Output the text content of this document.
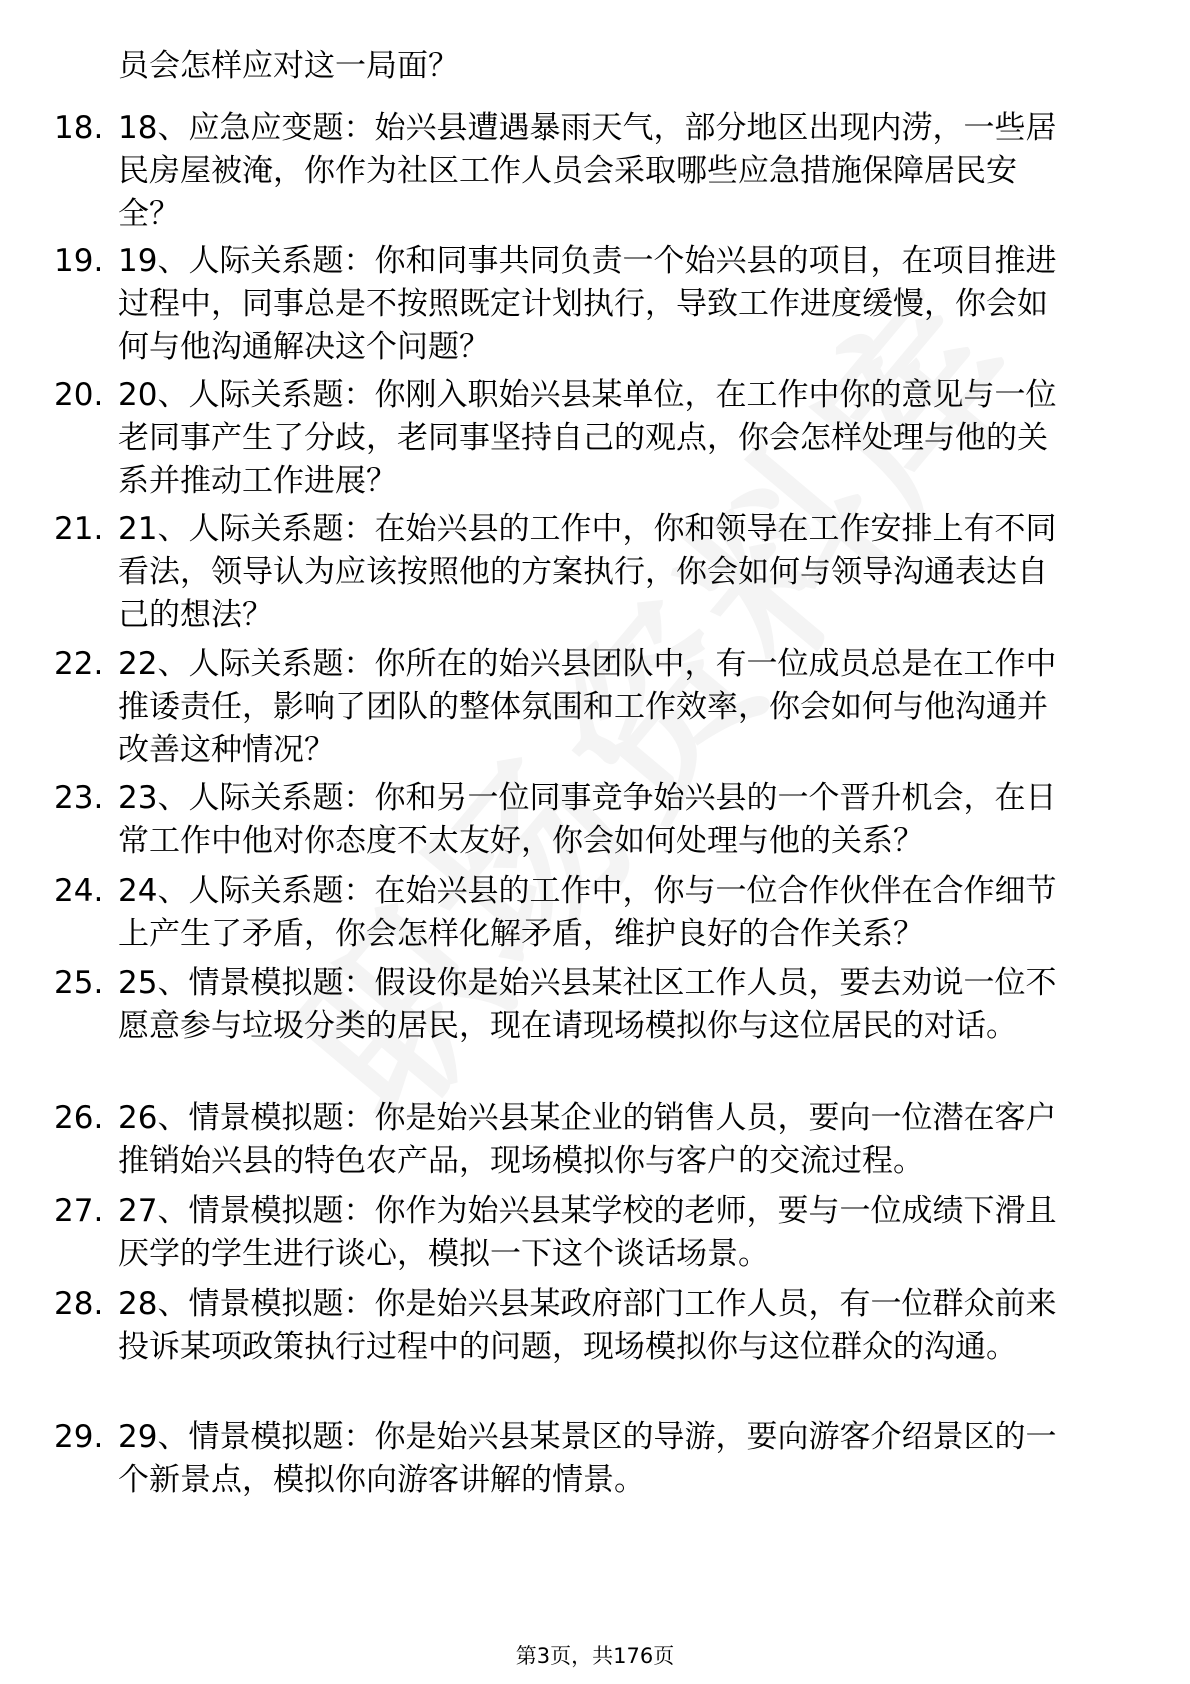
员会怎样应对这一局面？

18. 18、应急应变题：始兴县遭遇暴雨天气，部分地区出现内涝，一些居民房屋被淹，你作为社区工作人员会采取哪些应急措施保障居民安全？

19. 19、人际关系题：你和同事共同负责一个始兴县的项目，在项目推进过程中，同事总是不按照既定计划执行，导致工作进度缓慢，你会如何与他沟通解决这个问题？

20. 20、人际关系题：你刚入职始兴县某单位，在工作中你的意见与一位老同事产生了分歧，老同事坚持自己的观点，你会怎样处理与他的关系并推动工作进展？

21. 21、人际关系题：在始兴县的工作中，你和领导在工作安排上有不同看法，领导认为应该按照他的方案执行，你会如何与领导沟通表达自己的想法？

22. 22、人际关系题：你所在的始兴县团队中，有一位成员总是在工作中推诿责任，影响了团队的整体氛围和工作效率，你会如何与他沟通并改善这种情况？

23. 23、人际关系题：你和另一位同事竞争始兴县的一个晋升机会，在日常工作中他对你态度不太友好，你会如何处理与他的关系？

24. 24、人际关系题：在始兴县的工作中，你与一位合作伙伴在合作细节上产生了矛盾，你会怎样化解矛盾，维护良好的合作关系？

25. 25、情景模拟题：假设你是始兴县某社区工作人员，要去劝说一位不愿意参与垃圾分类的居民，现在请现场模拟你与这位居民的对话。

26. 26、情景模拟题：你是始兴县某企业的销售人员，要向一位潜在客户推销始兴县的特色农产品，现场模拟你与客户的交流过程。

27. 27、情景模拟题：你作为始兴县某学校的老师，要与一位成绩下滑且厌学的学生进行谈心，模拟一下这个谈话场景。

28. 28、情景模拟题：你是始兴县某政府部门工作人员，有一位群众前来投诉某项政策执行过程中的问题，现场模拟你与这位群众的沟通。

29. 29、情景模拟题：你是始兴县某景区的导游，要向游客介绍景区的一个新景点，模拟你向游客讲解的情景。

第3页，共176页
